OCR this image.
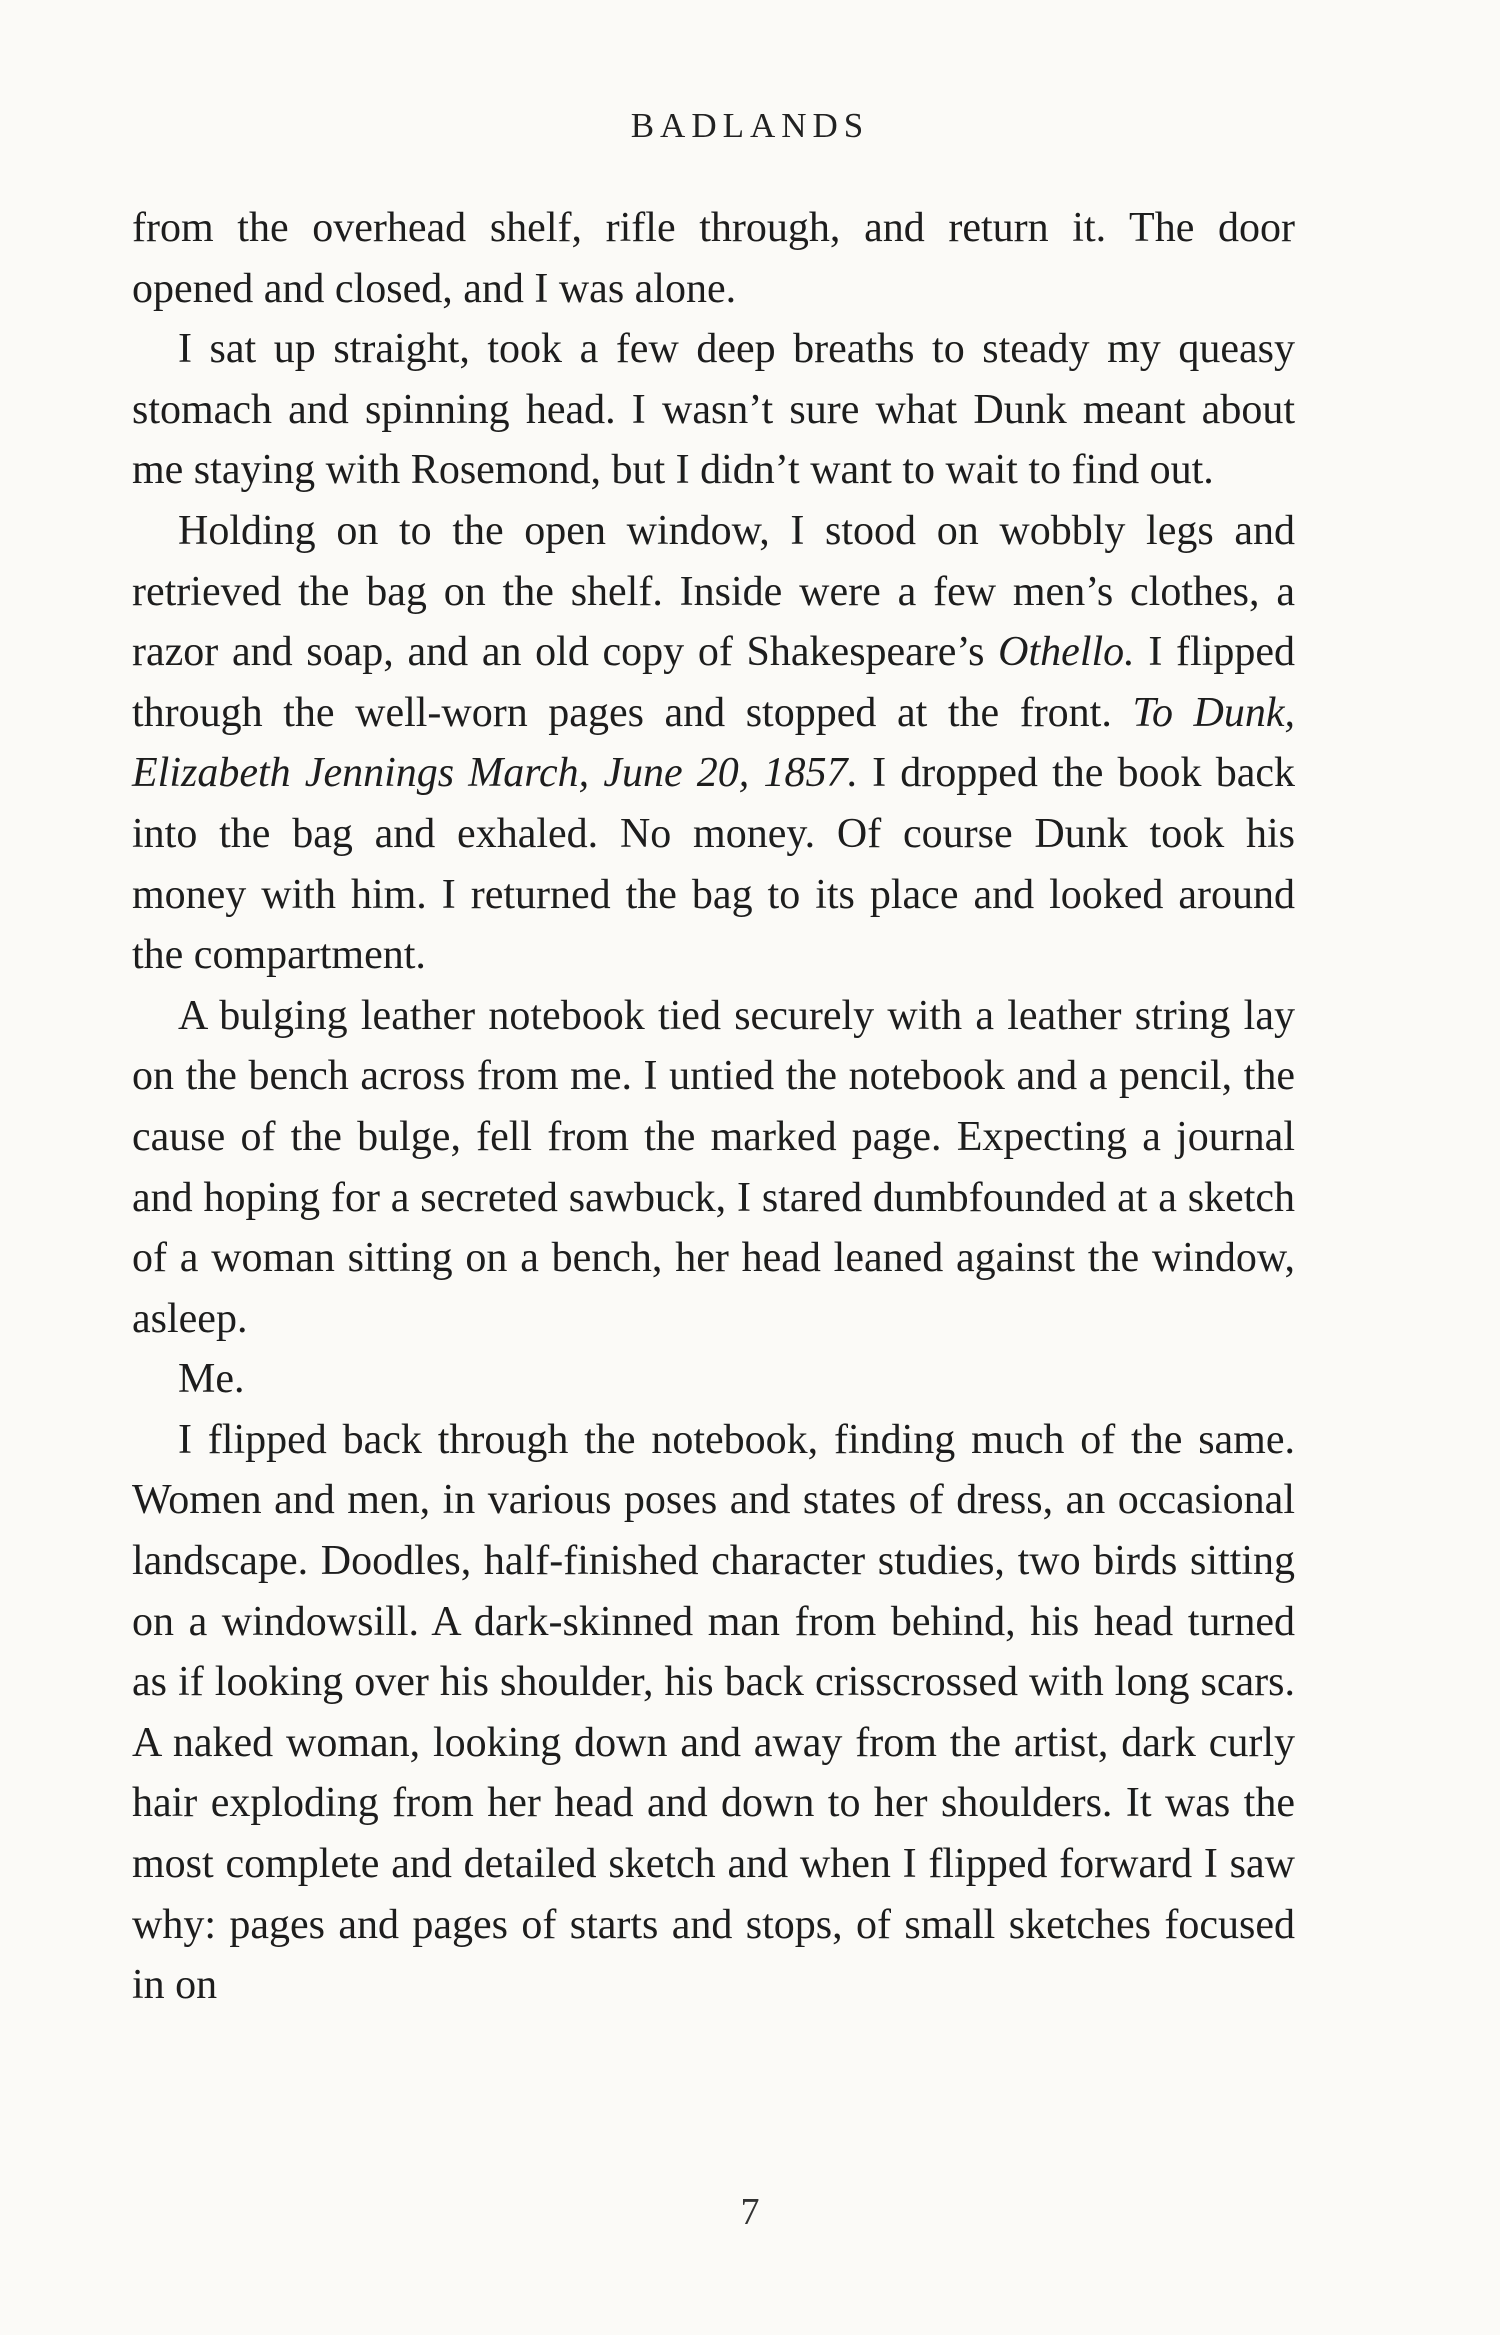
BADLANDS

from the overhead shelf, rifle through, and return it. The door opened and closed, and I was alone.

I sat up straight, took a few deep breaths to steady my queasy stomach and spinning head. I wasn’t sure what Dunk meant about me staying with Rosemond, but I didn’t want to wait to find out.

Holding on to the open window, I stood on wobbly legs and retrieved the bag on the shelf. Inside were a few men’s clothes, a razor and soap, and an old copy of Shakespeare’s Othello. I flipped through the well-worn pages and stopped at the front. To Dunk, Elizabeth Jennings March, June 20, 1857. I dropped the book back into the bag and exhaled. No money. Of course Dunk took his money with him. I returned the bag to its place and looked around the compartment.

A bulging leather notebook tied securely with a leather string lay on the bench across from me. I untied the notebook and a pencil, the cause of the bulge, fell from the marked page. Expecting a journal and hoping for a secreted sawbuck, I stared dumbfounded at a sketch of a woman sitting on a bench, her head leaned against the window, asleep.

Me.

I flipped back through the notebook, finding much of the same. Women and men, in various poses and states of dress, an occasional landscape. Doodles, half-finished character studies, two birds sitting on a windowsill. A dark-skinned man from behind, his head turned as if looking over his shoulder, his back crisscrossed with long scars. A naked woman, looking down and away from the artist, dark curly hair exploding from her head and down to her shoulders. It was the most complete and detailed sketch and when I flipped forward I saw why: pages and pages of starts and stops, of small sketches focused in on

7
